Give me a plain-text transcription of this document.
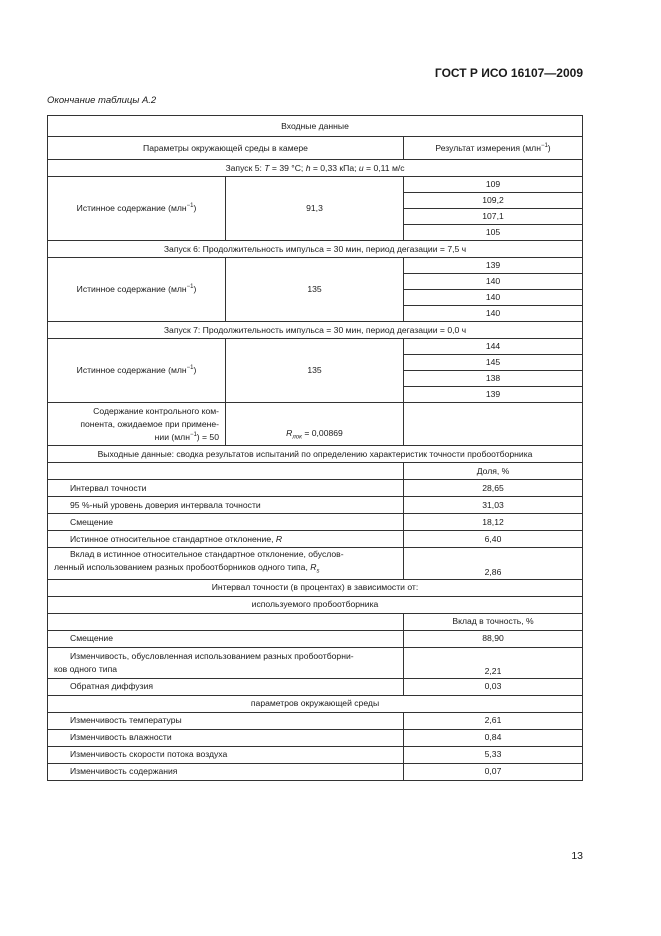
ГОСТ Р ИСО 16107—2009
Окончание таблицы А.2
Входные данные		
Параметры окружающей среды в камере		Результат измерения (млн$^{-1}$)
Запуск 5: T = 39 °С; h = 0,33 кПа; u = 0,11 м/с		
Истинное содержание (млн$^{-1}$)	91,3	109
		109,2
		107,1
		105
Запуск 6: Продолжительность импульса = 30 мин, период дегазации = 7,5 ч		
Истинное содержание (млн$^{-1}$)	135	139
		140
		140
		140
Запуск 7: Продолжительность импульса = 30 мин, период дегазации = 0,0 ч		
Истинное содержание (млн$^{-1}$)	135	144
		145
		138
		139

Содержание контрольного ком-
понента, ожидаемое при примене-
нии (млн$^{-1}$) = 50	$R_{лок} = 0,00869$	
Выходные данные: сводка результатов испытаний по определению характеристик точности пробоотборника		
		Доля, %
Интервал точности		28,65
95 %-ный уровень доверия интервала точности		31,03
Смещение		18,12
Истинное относительное стандартное отклонение, R		6,40

Вклад в истинное относительное стандартное отклонение, обуслов-
ленный использованием разных пробоотборников одного типа, $R_s$		2,86
Интервал точности (в процентах) в зависимости от:		
используемого пробоотборника		
		Вклад в точность, %
Смещение		88,90

Изменчивость, обусловленная использованием разных пробоотборни-
ков одного типа		2,21
Обратная диффузия		0,03
параметров окружающей среды		
Изменчивость температуры		2,61
Изменчивость влажности		0,84
Изменчивость скорости потока воздуха		5,33
Изменчивость содержания		0,07
13
